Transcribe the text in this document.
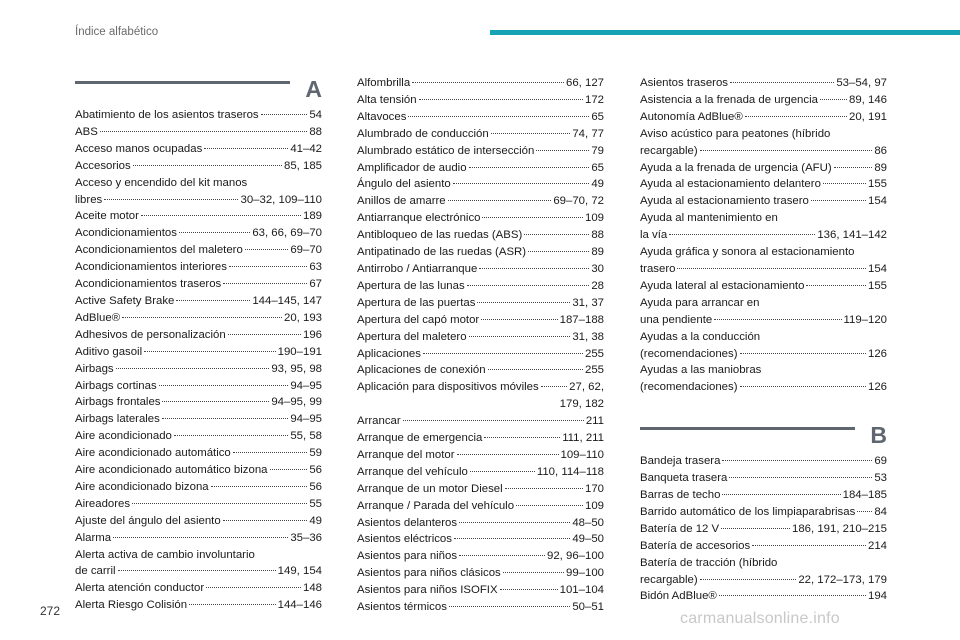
Índice alfabético
A
Abatimiento de los asientos traseros	54
ABS	88
Acceso manos ocupadas	41–42
Accesorios	85, 185
Acceso y encendido del kit manos
libres	30–32, 109–110
Aceite motor	189
Acondicionamientos	63, 66, 69–70
Acondicionamientos del maletero	69–70
Acondicionamientos interiores	63
Acondicionamientos traseros	67
Active Safety Brake	144–145, 147
AdBlue®	20, 193
Adhesivos de personalización	196
Aditivo gasoil	190–191
Airbags	93, 95, 98
Airbags cortinas	94–95
Airbags frontales	94–95, 99
Airbags laterales	94–95
Aire acondicionado	55, 58
Aire acondicionado automático	59
Aire acondicionado automático bizona	56
Aire acondicionado bizona	56
Aireadores	55
Ajuste del ángulo del asiento	49
Alarma	35–36
Alerta activa de cambio involuntario
de carril	149, 154
Alerta atención conductor	148
Alerta Riesgo Colisión	144–146
Alfombrilla	66, 127
Alta tensión	172
Altavoces	65
Alumbrado de conducción	74, 77
Alumbrado estático de intersección	79
Amplificador de audio	65
Ángulo del asiento	49
Anillos de amarre	69–70, 72
Antiarranque electrónico	109
Antibloqueo de las ruedas (ABS)	88
Antipatinado de las ruedas (ASR)	89
Antirrobo / Antiarranque	30
Apertura de las lunas	28
Apertura de las puertas	31, 37
Apertura del capó motor	187–188
Apertura del maletero	31, 38
Aplicaciones	255
Aplicaciones de conexión	255
Aplicación para dispositivos móviles	27, 62,
179, 182
Arrancar	211
Arranque de emergencia	111, 211
Arranque del motor	109–110
Arranque del vehículo	110, 114–118
Arranque de un motor Diesel	170
Arranque / Parada del vehículo	109
Asientos delanteros	48–50
Asientos eléctricos	49–50
Asientos para niños	92, 96–100
Asientos para niños clásicos	99–100
Asientos para niños ISOFIX	101–104
Asientos térmicos	50–51
Asientos traseros	53–54, 97
Asistencia a la frenada de urgencia	89, 146
Autonomía AdBlue®	20, 191
Aviso acústico para peatones (híbrido
recargable)	86
Ayuda a la frenada de urgencia (AFU)	89
Ayuda al estacionamiento delantero	155
Ayuda al estacionamiento trasero	154
Ayuda al mantenimiento en
la vía	136, 141–142
Ayuda gráfica y sonora al estacionamiento
trasero	154
Ayuda lateral al estacionamiento	155
Ayuda para arrancar en
una pendiente	119–120
Ayudas a la conducción
(recomendaciones)	126
Ayudas a las maniobras
(recomendaciones)	126
B
Bandeja trasera	69
Banqueta trasera	53
Barras de techo	184–185
Barrido automático de los limpiaparabrisas 84
Batería de 12 V	186, 191, 210–215
Batería de accesorios	214
Batería de tracción (híbrido
recargable)	22, 172–173, 179
Bidón AdBlue®	194
272	carmanualsonline.info
